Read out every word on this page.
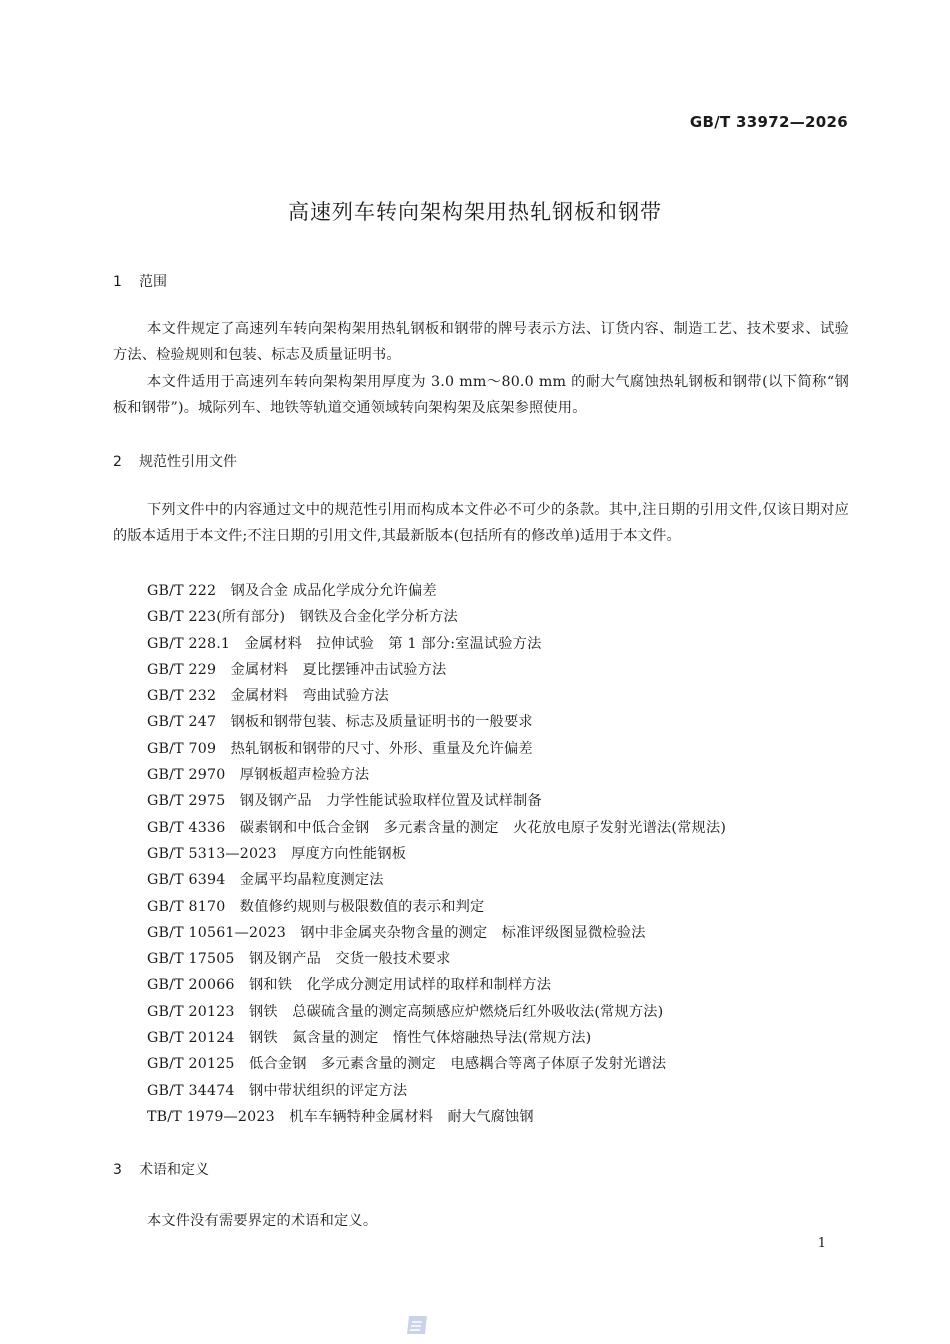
GB/T 33972—2026
高速列车转向架构架用热轧钢板和钢带
1 范围
本文件规定了高速列车转向架构架用热轧钢板和钢带的牌号表示方法、订货内容、制造工艺、技术要求、试验方法、检验规则和包装、标志及质量证明书。
本文件适用于高速列车转向架构架用厚度为 3.0 mm～80.0 mm 的耐大气腐蚀热轧钢板和钢带(以下简称“钢板和钢带”)。城际列车、地铁等轨道交通领域转向架构架及底架参照使用。
2 规范性引用文件
下列文件中的内容通过文中的规范性引用而构成本文件必不可少的条款。其中,注日期的引用文件,仅该日期对应的版本适用于本文件;不注日期的引用文件,其最新版本(包括所有的修改单)适用于本文件。
GB/T 222　钢及合金 成品化学成分允许偏差
GB/T 223(所有部分)　钢铁及合金化学分析方法
GB/T 228.1　金属材料　拉伸试验　第 1 部分:室温试验方法
GB/T 229　金属材料　夏比摆锤冲击试验方法
GB/T 232　金属材料　弯曲试验方法
GB/T 247　钢板和钢带包装、标志及质量证明书的一般要求
GB/T 709　热轧钢板和钢带的尺寸、外形、重量及允许偏差
GB/T 2970　厚钢板超声检验方法
GB/T 2975　钢及钢产品　力学性能试验取样位置及试样制备
GB/T 4336　碳素钢和中低合金钢　多元素含量的测定　火花放电原子发射光谱法(常规法)
GB/T 5313—2023　厚度方向性能钢板
GB/T 6394　金属平均晶粒度测定法
GB/T 8170　数值修约规则与极限数值的表示和判定
GB/T 10561—2023　钢中非金属夹杂物含量的测定　标准评级图显微检验法
GB/T 17505　钢及钢产品　交货一般技术要求
GB/T 20066　钢和铁　化学成分测定用试样的取样和制样方法
GB/T 20123　钢铁　总碳硫含量的测定高频感应炉燃烧后红外吸收法(常规方法)
GB/T 20124　钢铁　氮含量的测定　惰性气体熔融热导法(常规方法)
GB/T 20125　低合金钢　多元素含量的测定　电感耦合等离子体原子发射光谱法
GB/T 34474　钢中带状组织的评定方法
TB/T 1979—2023　机车车辆特种金属材料　耐大气腐蚀钢
3 术语和定义
本文件没有需要界定的术语和定义。
1
